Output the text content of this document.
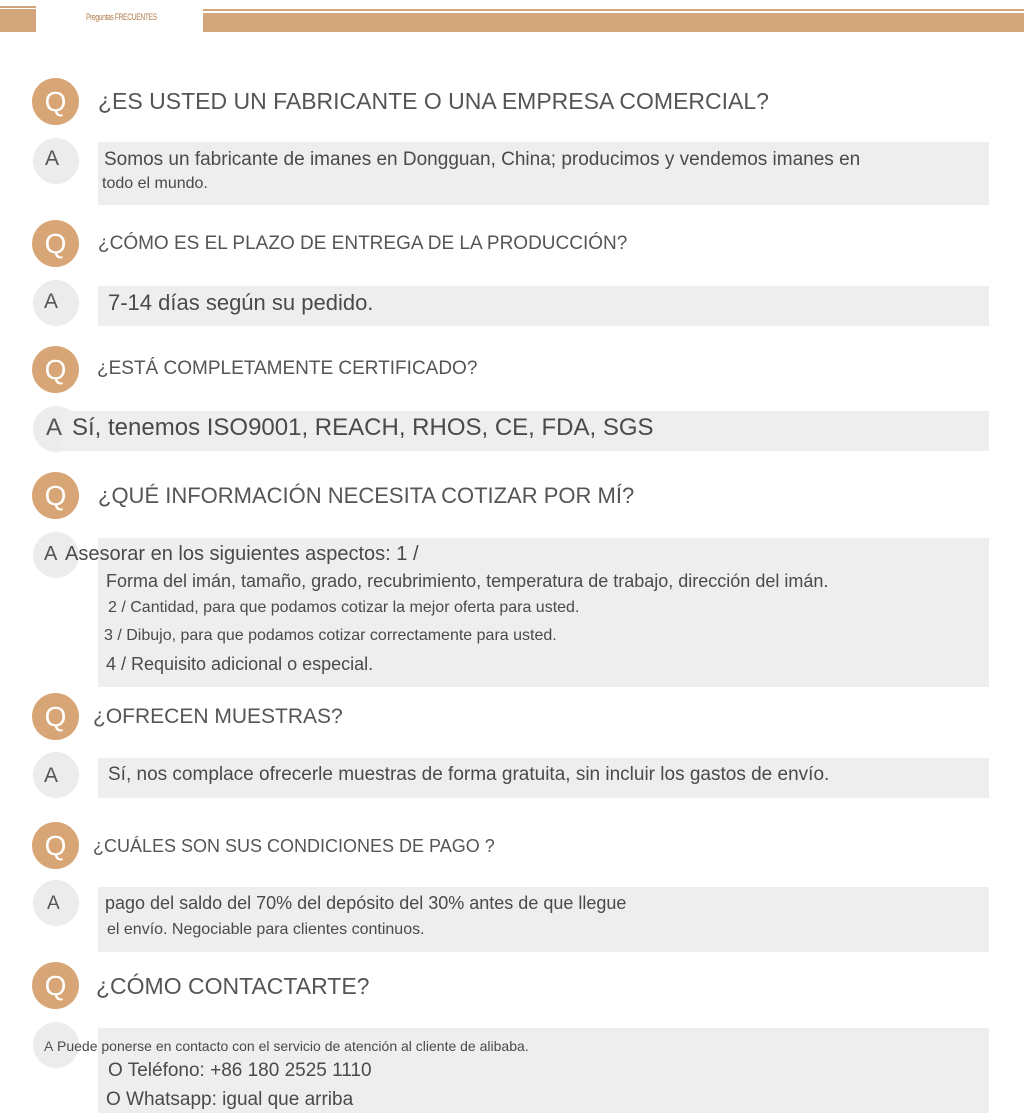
Preguntas FRECUENTES
Q	¿ES USTED UN FABRICANTE O UNA EMPRESA COMERCIAL?
A Somos un fabricante de imanes en Dongguan, China; producimos y vendemos imanes en
todo el mundo.
Q	¿CÓMO ES EL PLAZO DE ENTREGA DE LA PRODUCCIÓN?
A 7-14 días según su pedido.
Q	¿ESTÁ COMPLETAMENTE CERTIFICADO?
A Sí, tenemos ISO9001, REACH, RHOS, CE, FDA, SGS
Q	¿QUÉ INFORMACIÓN NECESITA COTIZAR POR MÍ?
A Asesorar en los siguientes aspectos: 1 /
Forma del imán, tamaño, grado, recubrimiento, temperatura de trabajo, dirección del imán.
2 / Cantidad, para que podamos cotizar la mejor oferta para usted.
3 / Dibujo, para que podamos cotizar correctamente para usted.
4 / Requisito adicional o especial.
Q	¿OFRECEN MUESTRAS?
A	Sí, nos complace ofrecerle muestras de forma gratuita, sin incluir los gastos de envío.
Q	¿CUÁLES SON SUS CONDICIONES DE PAGO ?
A	pago del saldo del 70% del depósito del 30% antes de que llegue
el envío. Negociable para clientes continuos.
Q	¿CÓMO CONTACTARTE?
A Puede ponerse en contacto con el servicio de atención al cliente de alibaba.
O Teléfono: +86 180 2525 1110
O Whatsapp: igual que arriba
